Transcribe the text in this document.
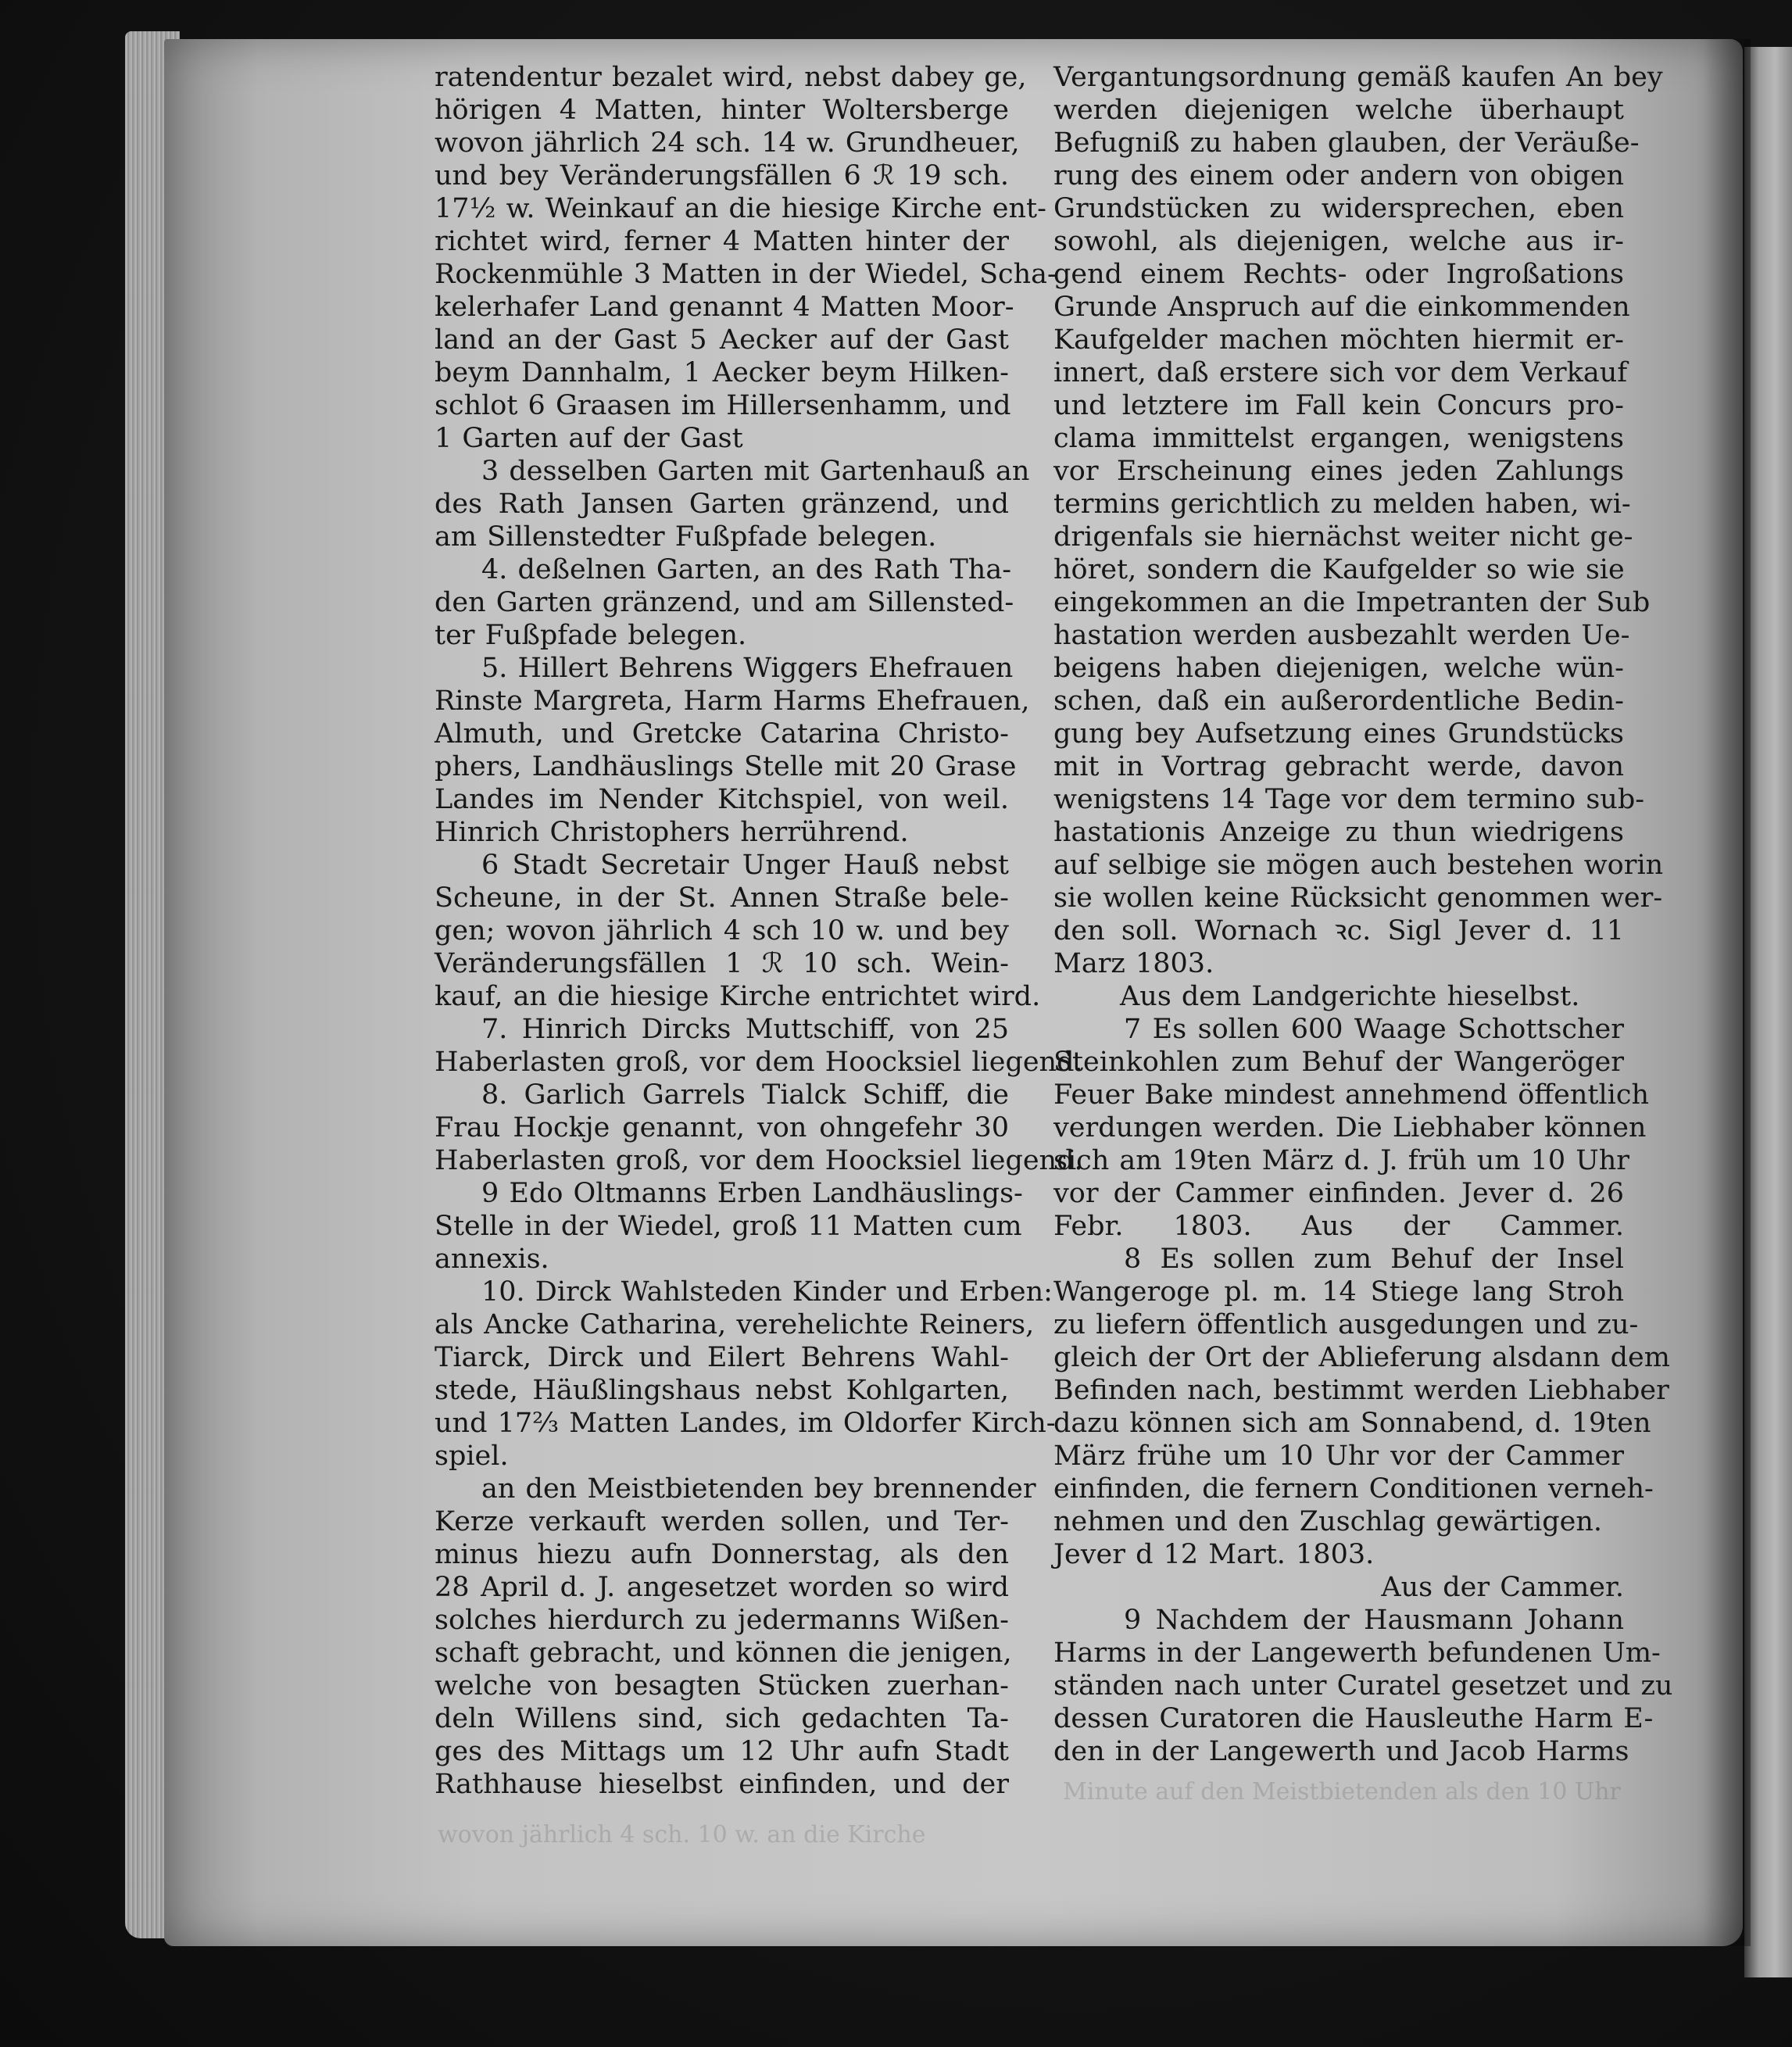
wovon jährlich 4 sch. 10 w. an die Kirche
Minute auf den Meistbietenden als den 10 Uhr
ratendentur bezalet wird, nebst dabey ge,
hörigen 4 Matten, hinter Woltersberge
wovon jährlich 24 sch. 14 w. Grundheuer,
und bey Veränderungsfällen 6 ℛ 19 sch.
17½ w. Weinkauf an die hiesige Kirche ent-
richtet wird, ferner 4 Matten hinter der
Rockenmühle 3 Matten in der Wiedel, Scha-
kelerhafer Land genannt 4 Matten Moor-
land an der Gast 5 Aecker auf der Gast
beym Dannhalm, 1 Aecker beym Hilken-
schlot 6 Graasen im Hillersenhamm, und
1 Garten auf der Gast
3 desselben Garten mit Gartenhauß an
des Rath Jansen Garten gränzend, und
am Sillenstedter Fußpfade belegen.
4. deßelnen Garten, an des Rath Tha-
den Garten gränzend, und am Sillensted-
ter Fußpfade belegen.
5. Hillert Behrens Wiggers Ehefrauen
Rinste Margreta, Harm Harms Ehefrauen,
Almuth, und Gretcke Catarina Christo-
phers, Landhäuslings Stelle mit 20 Grase
Landes im Nender Kitchspiel, von weil.
Hinrich Christophers herrührend.
6 Stadt Secretair Unger Hauß nebst
Scheune, in der St. Annen Straße bele-
gen; wovon jährlich 4 sch 10 w. und bey
Veränderungsfällen 1 ℛ 10 sch. Wein-
kauf, an die hiesige Kirche entrichtet wird.
7. Hinrich Dircks Muttschiff, von 25
Haberlasten groß, vor dem Hoocksiel liegend.
8. Garlich Garrels Tialck Schiff, die
Frau Hockje genannt, von ohngefehr 30
Haberlasten groß, vor dem Hoocksiel liegend.
9 Edo Oltmanns Erben Landhäuslings-
Stelle in der Wiedel, groß 11 Matten cum
annexis.
10. Dirck Wahlsteden Kinder und Erben:
als Ancke Catharina, verehelichte Reiners,
Tiarck, Dirck und Eilert Behrens Wahl-
stede, Häußlingshaus nebst Kohlgarten,
und 17⅔ Matten Landes, im Oldorfer Kirch-
spiel.
an den Meistbietenden bey brennender
Kerze verkauft werden sollen, und Ter-
minus hiezu aufn Donnerstag, als den
28 April d. J. angesetzet worden so wird
solches hierdurch zu jedermanns Wißen-
schaft gebracht, und können die jenigen,
welche von besagten Stücken zuerhan-
deln Willens sind, sich gedachten Ta-
ges des Mittags um 12 Uhr aufn Stadt
Rathhause hieselbst einfinden, und der
Vergantungsordnung gemäß kaufen An bey
werden diejenigen welche überhaupt
Befugniß zu haben glauben, der Veräuße-
rung des einem oder andern von obigen
Grundstücken zu widersprechen, eben
sowohl, als diejenigen, welche aus ir-
gend einem Rechts- oder Ingroßations
Grunde Anspruch auf die einkommenden
Kaufgelder machen möchten hiermit er-
innert, daß erstere sich vor dem Verkauf
und letztere im Fall kein Concurs pro-
clama immittelst ergangen, wenigstens
vor Erscheinung eines jeden Zahlungs
termins gerichtlich zu melden haben, wi-
drigenfals sie hiernächst weiter nicht ge-
höret, sondern die Kaufgelder so wie sie
eingekommen an die Impetranten der Sub
hastation werden ausbezahlt werden Ue-
beigens haben diejenigen, welche wün-
schen, daß ein außerordentliche Bedin-
gung bey Aufsetzung eines Grundstücks
mit in Vortrag gebracht werde, davon
wenigstens 14 Tage vor dem termino sub-
hastationis Anzeige zu thun wiedrigens
auf selbige sie mögen auch bestehen worin
sie wollen keine Rücksicht genommen wer-
den soll. Wornach ꝛc. Sigl Jever d. 11
Marz 1803.
Aus dem Landgerichte hieselbst.
7 Es sollen 600 Waage Schottscher
Steinkohlen zum Behuf der Wangeröger
Feuer Bake mindest annehmend öffentlich
verdungen werden. Die Liebhaber können
sich am 19ten März d. J. früh um 10 Uhr
vor der Cammer einfinden. Jever d. 26
Febr. 1803. Aus der Cammer.
8 Es sollen zum Behuf der Insel
Wangeroge pl. m. 14 Stiege lang Stroh
zu liefern öffentlich ausgedungen und zu-
gleich der Ort der Ablieferung alsdann dem
Befinden nach, bestimmt werden Liebhaber
dazu können sich am Sonnabend, d. 19ten
März frühe um 10 Uhr vor der Cammer
einfinden, die fernern Conditionen verneh-
nehmen und den Zuschlag gewärtigen.
Jever d 12 Mart. 1803.
Aus der Cammer.
9 Nachdem der Hausmann Johann
Harms in der Langewerth befundenen Um-
ständen nach unter Curatel gesetzet und zu
dessen Curatoren die Hausleuthe Harm E-
den in der Langewerth und Jacob Harms
